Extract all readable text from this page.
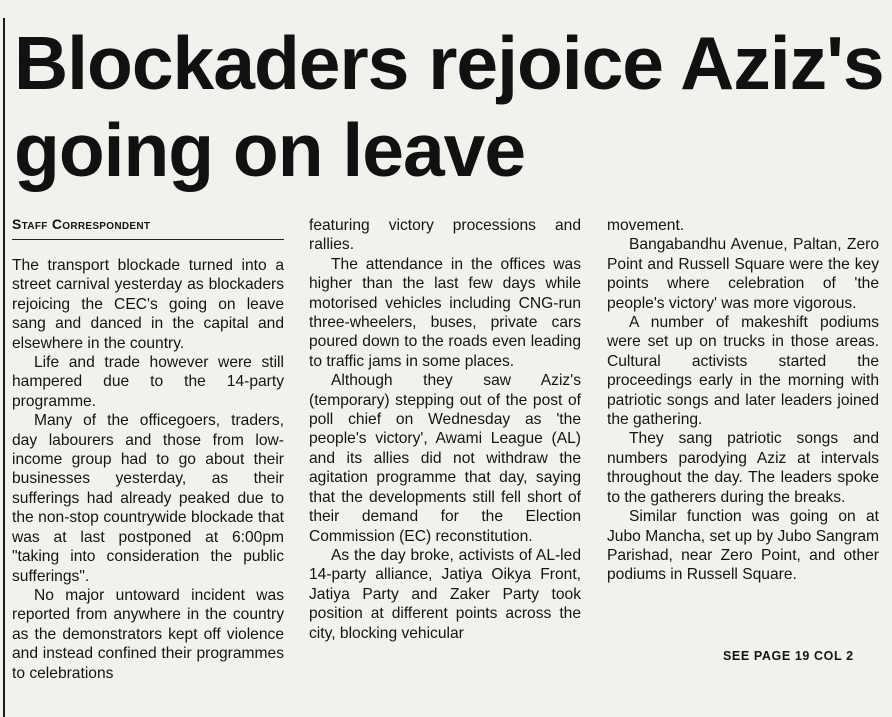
Blockaders rejoice Aziz's going on leave
Staff Correspondent

The transport blockade turned into a street carnival yesterday as blockaders rejoicing the CEC's going on leave sang and danced in the capital and elsewhere in the country.

Life and trade however were still hampered due to the 14-party programme.

Many of the officegoers, traders, day labourers and those from low-income group had to go about their businesses yesterday, as their sufferings had already peaked due to the non-stop countrywide blockade that was at last postponed at 6:00pm "taking into consideration the public sufferings".

No major untoward incident was reported from anywhere in the country as the demonstrators kept off violence and instead confined their programmes to celebrations

featuring victory processions and rallies.

The attendance in the offices was higher than the last few days while motorised vehicles including CNG-run three-wheelers, buses, private cars poured down to the roads even leading to traffic jams in some places.

Although they saw Aziz's (temporary) stepping out of the post of poll chief on Wednesday as 'the people's victory', Awami League (AL) and its allies did not withdraw the agitation programme that day, saying that the developments still fell short of their demand for the Election Commission (EC) reconstitution.

As the day broke, activists of AL-led 14-party alliance, Jatiya Oikya Front, Jatiya Party and Zaker Party took position at different points across the city, blocking vehicular

movement.

Bangabandhu Avenue, Paltan, Zero Point and Russell Square were the key points where celebration of 'the people's victory' was more vigorous.

A number of makeshift podiums were set up on trucks in those areas. Cultural activists started the proceedings early in the morning with patriotic songs and later leaders joined the gathering.

They sang patriotic songs and numbers parodying Aziz at intervals throughout the day. The leaders spoke to the gatherers during the breaks.

Similar function was going on at Jubo Mancha, set up by Jubo Sangram Parishad, near Zero Point, and other podiums in Russell Square.

SEE PAGE 19 COL 2
